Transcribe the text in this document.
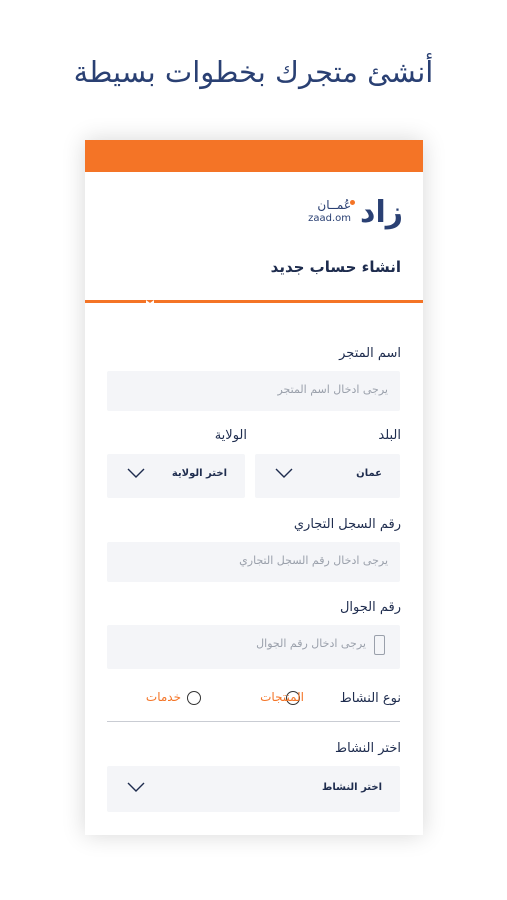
أنشئ متجرك بخطوات بسيطة
زاد
عُمــان
zaad.om
انشاء حساب جديد
اسم المتجر
يرجى ادخال اسم المتجر
البلد
الولاية
عمان
اختر الولاية
رقم السجل التجاري
يرجى ادخال رقم السجل التجاري
رقم الجوال
يرجى ادخال رقم الجوال
نوع النشاط
المنتجات
خدمات
اختر النشاط
اختر النشاط
